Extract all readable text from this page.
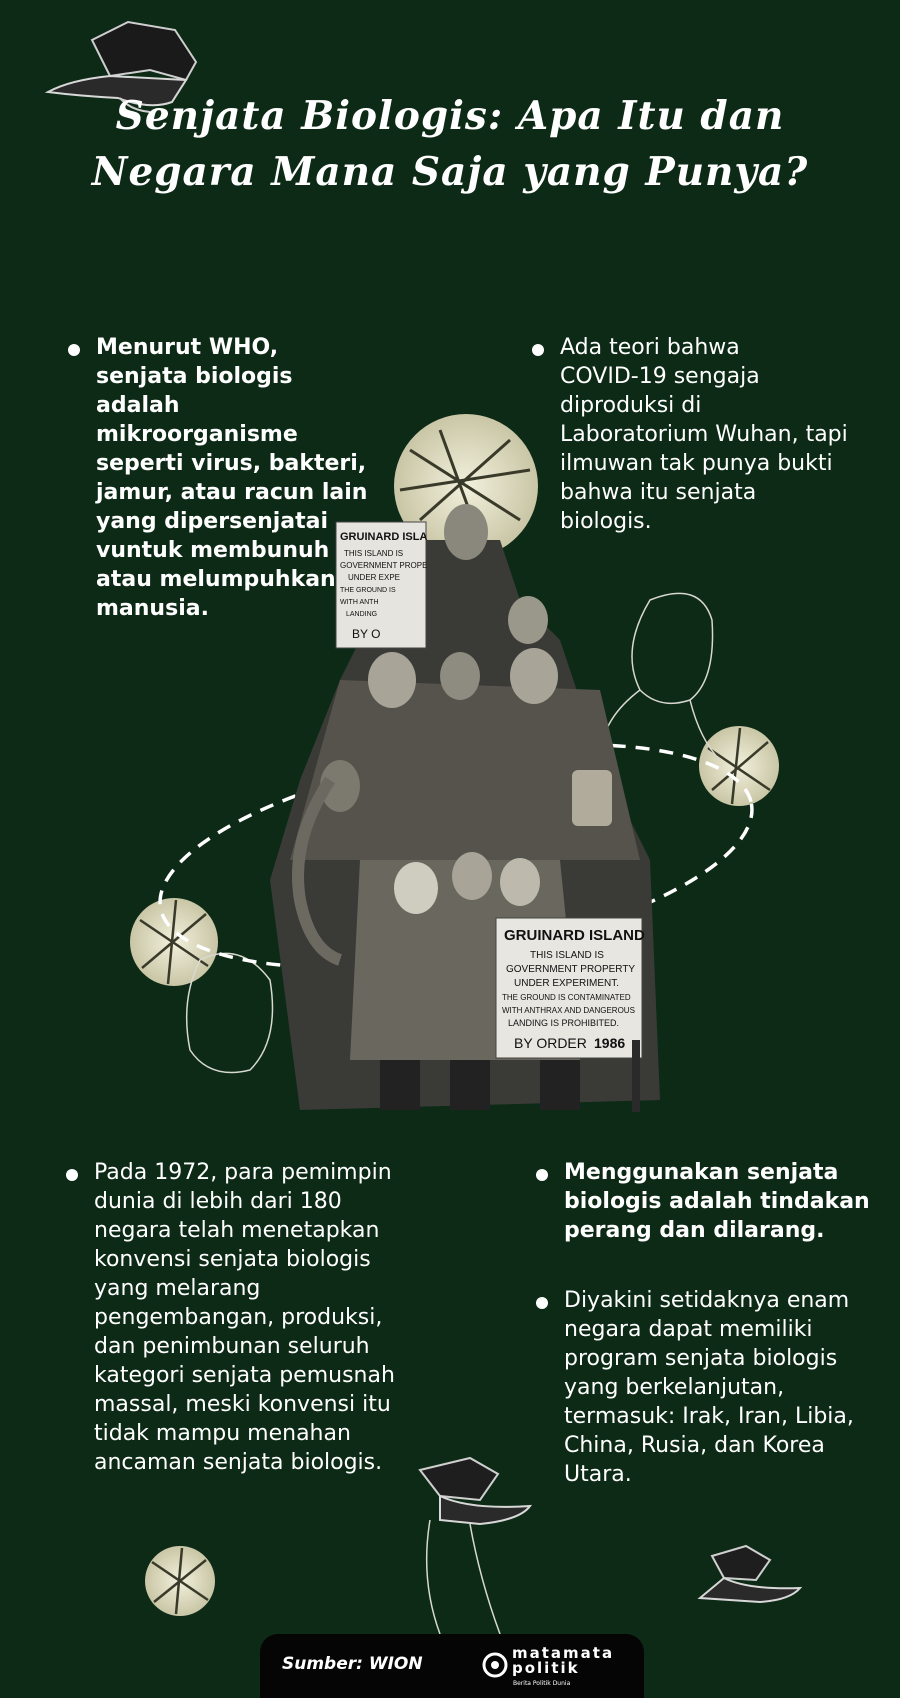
GRUINARD ISLA
THIS ISLAND IS
GOVERNMENT PROPE
UNDER EXPE
THE GROUND IS
WITH ANTH
LANDING
BY O
GRUINARD ISLAND
THIS ISLAND IS
GOVERNMENT PROPERTY
UNDER EXPERIMENT.
THE GROUND IS CONTAMINATED
WITH ANTHRAX AND DANGEROUS
LANDING IS PROHIBITED.
BY ORDER 1986
Senjata Biologis: Apa Itu dan
Negara Mana Saja yang Punya?
Menurut WHO,
senjata biologis
adalah
mikroorganisme
seperti virus, bakteri,
jamur, atau racun lain
yang dipersenjatai
vuntuk membunuh
atau melumpuhkan
manusia.
Ada teori bahwa
COVID-19 sengaja
diproduksi di
Laboratorium Wuhan, tapi
ilmuwan tak punya bukti
bahwa itu senjata
biologis.
Pada 1972, para pemimpin
dunia di lebih dari 180
negara telah menetapkan
konvensi senjata biologis
yang melarang
pengembangan, produksi,
dan penimbunan seluruh
kategori senjata pemusnah
massal, meski konvensi itu
tidak mampu menahan
ancaman senjata biologis.
Menggunakan senjata
biologis adalah tindakan
perang dan dilarang.
Diyakini setidaknya enam
negara dapat memiliki
program senjata biologis
yang berkelanjutan,
termasuk: Irak, Iran, Libia,
China, Rusia, dan Korea
Utara.
Sumber: WION
matamata
politik
Berita Politik Dunia
